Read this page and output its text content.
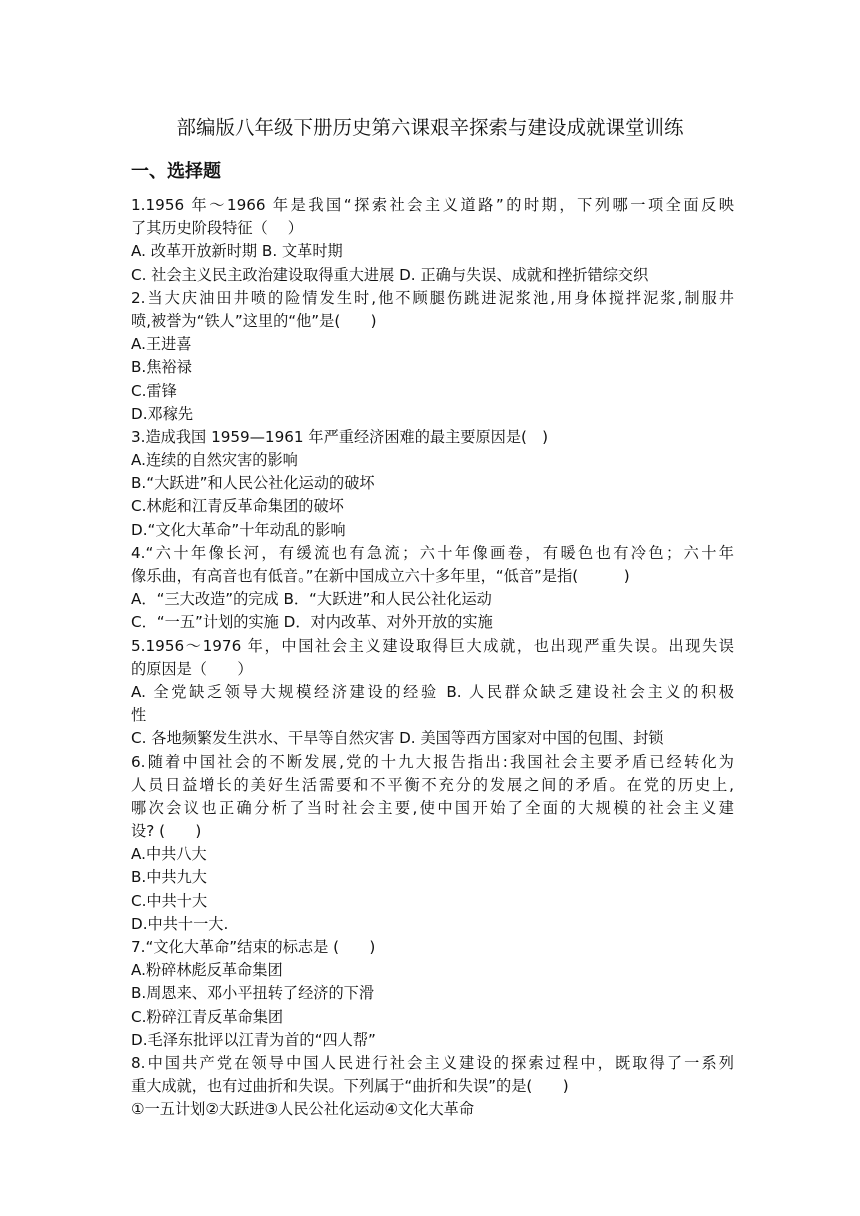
部编版八年级下册历史第六课艰辛探索与建设成就课堂训练
一、选择题
1.1956 年～1966 年是我国“探索社会主义道路”的时期，下列哪一项全面反映
了其历史阶段特征（　 ）
A. 改革开放新时期 B. 文革时期
C. 社会主义民主政治建设取得重大进展 D. 正确与失误、成就和挫折错综交织
2.当大庆油田井喷的险情发生时,他不顾腿伤跳进泥浆池,用身体搅拌泥浆,制服井
喷,被誉为“铁人”这里的“他”是(　　)
A.王进喜
B.焦裕禄
C.雷锋
D.邓稼先
3.造成我国 1959—1961 年严重经济困难的最主要原因是(　)
A.连续的自然灾害的影响
B.“大跃进”和人民公社化运动的破坏
C.林彪和江青反革命集团的破坏
D.“文化大革命”十年动乱的影响
4.“六十年像长河，有缓流也有急流；六十年像画卷，有暖色也有冷色；六十年
像乐曲，有高音也有低音。”在新中国成立六十多年里，“低音”是指(　　　)
A．“三大改造”的完成 B．“大跃进”和人民公社化运动
C．“一五”计划的实施 D．对内改革、对外开放的实施
5.1956～1976 年，中国社会主义建设取得巨大成就，也出现严重失误。出现失误
的原因是（　　）
A. 全党缺乏领导大规模经济建设的经验 B. 人民群众缺乏建设社会主义的积极
性
C. 各地频繁发生洪水、干旱等自然灾害 D. 美国等西方国家对中国的包围、封锁
6.随着中国社会的不断发展,党的十九大报告指出:我国社会主要矛盾已经转化为
人员日益增长的美好生活需要和不平衡不充分的发展之间的矛盾。在党的历史上,
哪次会议也正确分析了当时社会主要,使中国开始了全面的大规模的社会主义建
设? (　　)
A.中共八大
B.中共九大
C.中共十大
D.中共十一大.
7.“文化大革命”结束的标志是 (　　)
A.粉碎林彪反革命集团
B.周恩来、邓小平扭转了经济的下滑
C.粉碎江青反革命集团
D.毛泽东批评以江青为首的“四人帮”
8.中国共产党在领导中国人民进行社会主义建设的探索过程中，既取得了一系列
重大成就，也有过曲折和失误。下列属于“曲折和失误”的是(　　)
①一五计划②大跃进③人民公社化运动④文化大革命
